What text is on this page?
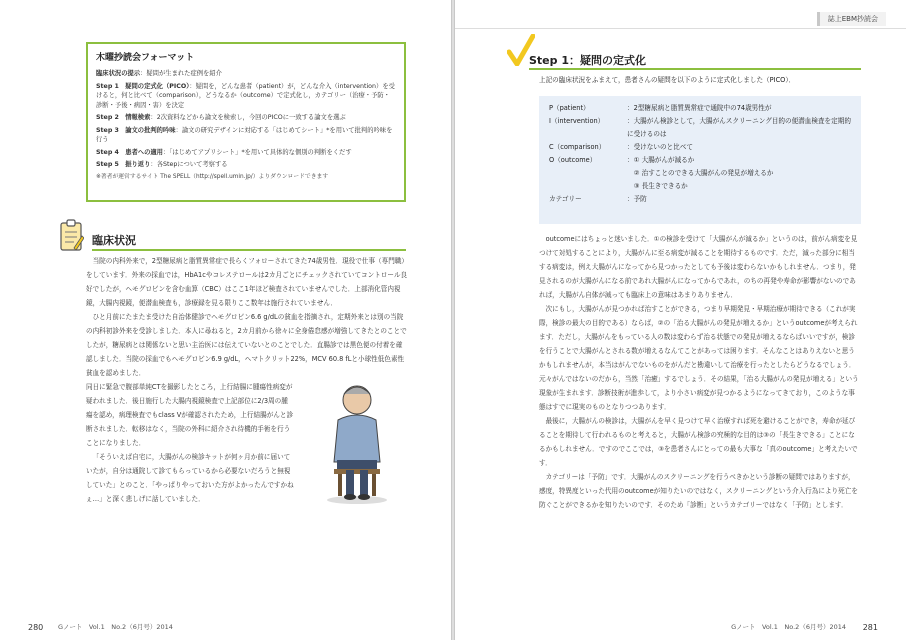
木曜抄読会フォーマット
臨床状況の提示：疑問が生まれた症例を紹介
Step 1　疑問の定式化（PICO）：疑問を，どんな患者（patient）が，どんな介入（intervention）を受けると，何と比べて（comparison），どうなるか（outcome）で定式化し，カテゴリー（治療・予防・診断・予後・病因・害）を決定
Step 2　情報検索：2次資料などから論文を検索し，今回のPICOに一致する論文を選ぶ
Step 3　論文の批判的吟味：論文の研究デザインに対応する「はじめてシート」*を用いて批判的吟味を行う
Step 4　患者への適用：「はじめてアプリシート」*を用いて具体的な個別の判断をくだす
Step 5　振り返り：各Stepについて考察する
※著者が運営するサイト The SPELL（http://spell.umin.jp/）よりダウンロードできます
臨床状況

当院の内科外来で，2型糖尿病と脂質異常症で長らくフォローされてきた74歳男性．現役で仕事（専門職）をしています．外来の採血では，HbA1cやコレステロールは2カ月ごとにチェックされていてコントロール良好でしたが，ヘモグロビンを含む血算（CBC）はここ1年ほど検査されていませんでした．上部消化管内視鏡，大腸内視鏡，便潜血検査も，診療録を見る限りここ数年は施行されていません．

ひと月前にたまたま受けた自治体健診でヘモグロビン6.6 g/dLの貧血を指摘され，定期外来とは別の当院の内科初診外来を受診しました．本人に尋ねると，2カ月前から徐々に全身倦怠感が増強してきたとのことでしたが，糖尿病とは関係ないと思い主治医には伝えていないとのことでした．直腸診では黒色便の付着を確認しました．当院の採血でもヘモグロビン6.9 g/dL，ヘマトクリット22%，MCV 60.8 fLと小球性低色素性貧血を認めました．

同日に緊急で腹部単純CTを撮影したところ，上行結腸に腫瘍性病変が疑われました．後日施行した大腸内視鏡検査で上記部位に2/3周の腫瘍を認め，病理検査でもclass Vが確認されたため，上行結腸がんと診断されました．転移はなく，当院の外科に紹介され待機的手術を行うことになりました．

「そういえば自宅に，大腸がんの検診キットが何ヶ月か前に届いていたが，自分は通院して診てもらっているから必要ないだろうと無視していた」とのこと．「やっぱりやっておいた方がよかったんですかねぇ…」と深く悲しげに話していました．

280 Gノート　Vol.1　No.2（6月号）2014
誌上EBM抄読会
Step 1：疑問の定式化
上記の臨床状況をふまえて，患者さんの疑問を以下のように定式化しました（PICO）．
P（patient）	：2型糖尿病と脂質異常症で通院中の74歳男性が
I（intervention）	：大腸がん検診として，大腸がんスクリーニング目的の便潜血検査を定期的に受けるのは
C（comparison）	：受けないのと比べて
O（outcome）	：① 大腸がんが減るか
　② 治すことのできる大腸がんの発見が増えるか
　③ 長生きできるか
カテゴリー	：予防

outcomeにはちょっと迷いました．①の検診を受けて「大腸がんが減るか」というのは，前がん病変を見つけて対処することにより，大腸がんに至る病変が減ることを期待するものです．ただ，減った部分に相当する病変は，例え大腸がんになってから見つかったとしても予後は変わらないかもしれません．つまり，発見されるのが大腸がんになる前であれ大腸がんになってからであれ，のちの再発や寿命が影響がないのであれば，大腸がん自体が減っても臨床上の意味はあまりありません．

次にもし，大腸がんが見つかれば治すことができる，つまり早期発見・早期治療が期待できる（これが実際，検診の最大の目的である）ならば，②の「治る大腸がんの発見が増えるか」というoutcomeが考えられます．ただし，大腸がんをもっている人の数は変わらず治る状態での発見が増えるならばいいですが，検診を行うことで大腸がんとされる数が増えるなんてことがあっては困ります．そんなことはありえないと思うかもしれませんが，本当はがんでないものをがんだと勘違いして治療を行ったとしたらどうなるでしょう．元々がんではないのだから，当然「治癒」するでしょう．その結果，「治る大腸がんの発見が増える」という現象が生まれます．診断技術が進歩して，より小さい病変が見つかるようになってきており，このような事態はすでに現実のものとなりつつあります．

最後に，大腸がんの検診は，大腸がんを早く見つけて早く治療すれば死を避けることができ，寿命が延びることを期待して行われるものと考えると，大腸がん検診の究極的な目的は③の「長生きできる」ことになるかもしれません．ですのでここでは，③を患者さんにとっての最も大事な「真のoutcome」と考えたいです．

カテゴリーは「予防」です．大腸がんのスクリーニングを行うべきかという診断の疑問ではありますが，感度，特異度といった代用のoutcomeが知りたいのではなく，スクリーニングという介入行為により死亡を防ぐことができるかを知りたいのです．そのため「診断」というカテゴリーではなく「予防」とします．

Gノート　Vol.1　No.2（6月号）2014 281
